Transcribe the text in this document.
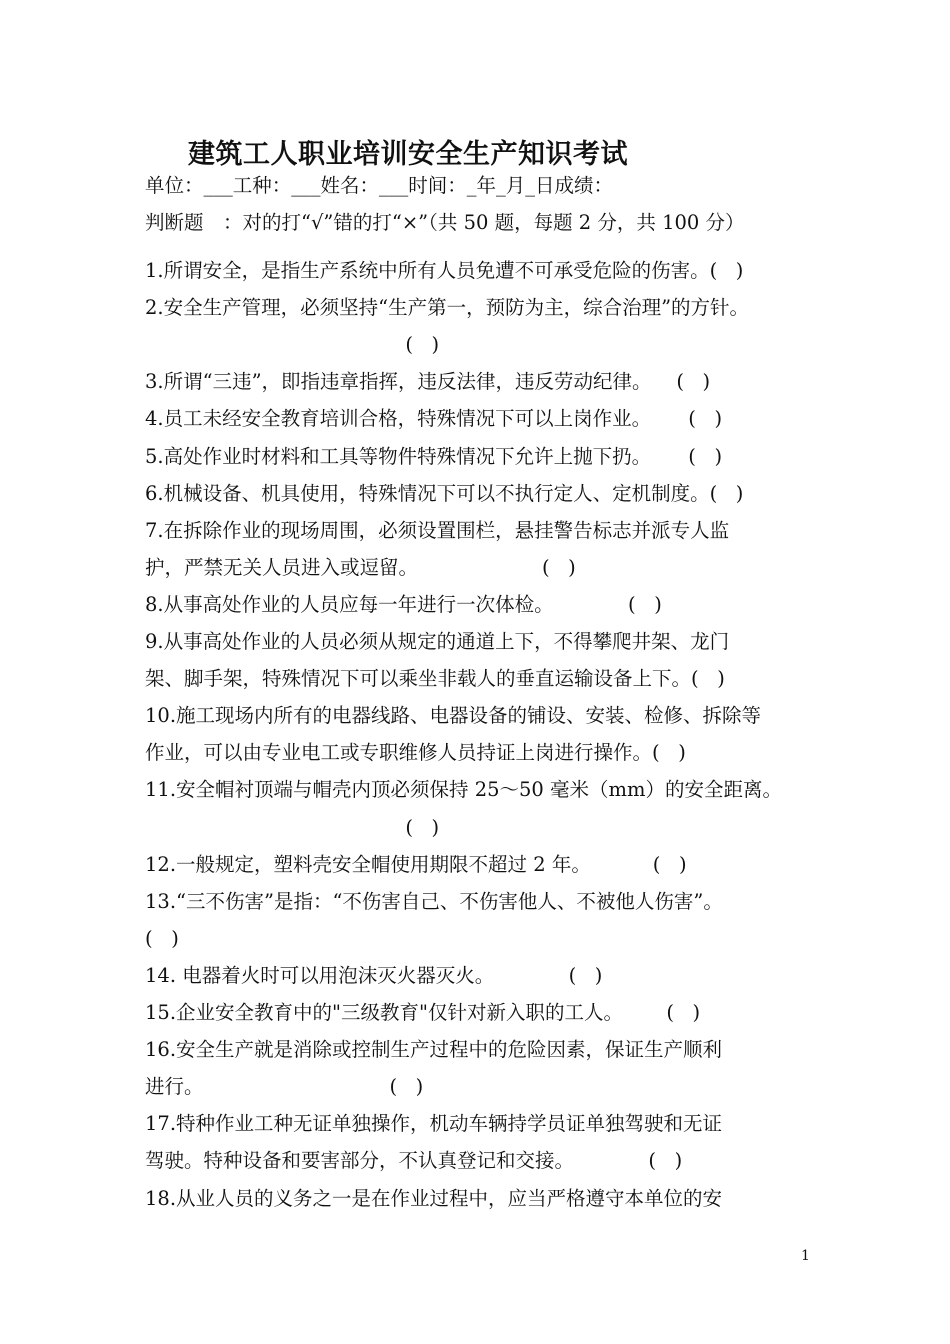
建筑工人职业培训安全生产知识考试
单位：___工种：___姓名：___时间：_年_月_日成绩：
判断题　：对的打“√”错的打“×”（共 50 题，每题 2 分，共 100 分）
1.所谓安全，是指生产系统中所有人员免遭不可承受危险的伤害。(   )
2.安全生产管理，必须坚持“生产第一，预防为主，综合治理”的方针。
(   )
3.所谓“三违”，即指违章指挥，违反法律，违反劳动纪律。    (   )
4.员工未经安全教育培训合格，特殊情况下可以上岗作业。      (   )
5.高处作业时材料和工具等物件特殊情况下允许上抛下扔。      (   )
6.机械设备、机具使用，特殊情况下可以不执行定人、定机制度。(   )
7.在拆除作业的现场周围，必须设置围栏，悬挂警告标志并派专人监
护，严禁无关人员进入或逗留。                    (   )
8.从事高处作业的人员应每一年进行一次体检。            (   )
9.从事高处作业的人员必须从规定的通道上下，不得攀爬井架、龙门
架、脚手架，特殊情况下可以乘坐非载人的垂直运输设备上下。(   )
10.施工现场内所有的电器线路、电器设备的铺设、安装、检修、拆除等
作业，可以由专业电工或专职维修人员持证上岗进行操作。(   )
11.安全帽衬顶端与帽壳内顶必须保持 25～50 毫米（mm）的安全距离。
(   )
12.一般规定，塑料壳安全帽使用期限不超过 2 年。          (   )
13.“三不伤害”是指：“不伤害自己、不伤害他人、不被他人伤害”。
(   )
14. 电器着火时可以用泡沫灭火器灭火。            (   )
15.企业安全教育中的"三级教育"仅针对新入职的工人。       (   )
16.安全生产就是消除或控制生产过程中的危险因素，保证生产顺利
进行。                              (   )
17.特种作业工种无证单独操作，机动车辆持学员证单独驾驶和无证
驾驶。特种设备和要害部分，不认真登记和交接。            (   )
18.从业人员的义务之一是在作业过程中，应当严格遵守本单位的安
1
